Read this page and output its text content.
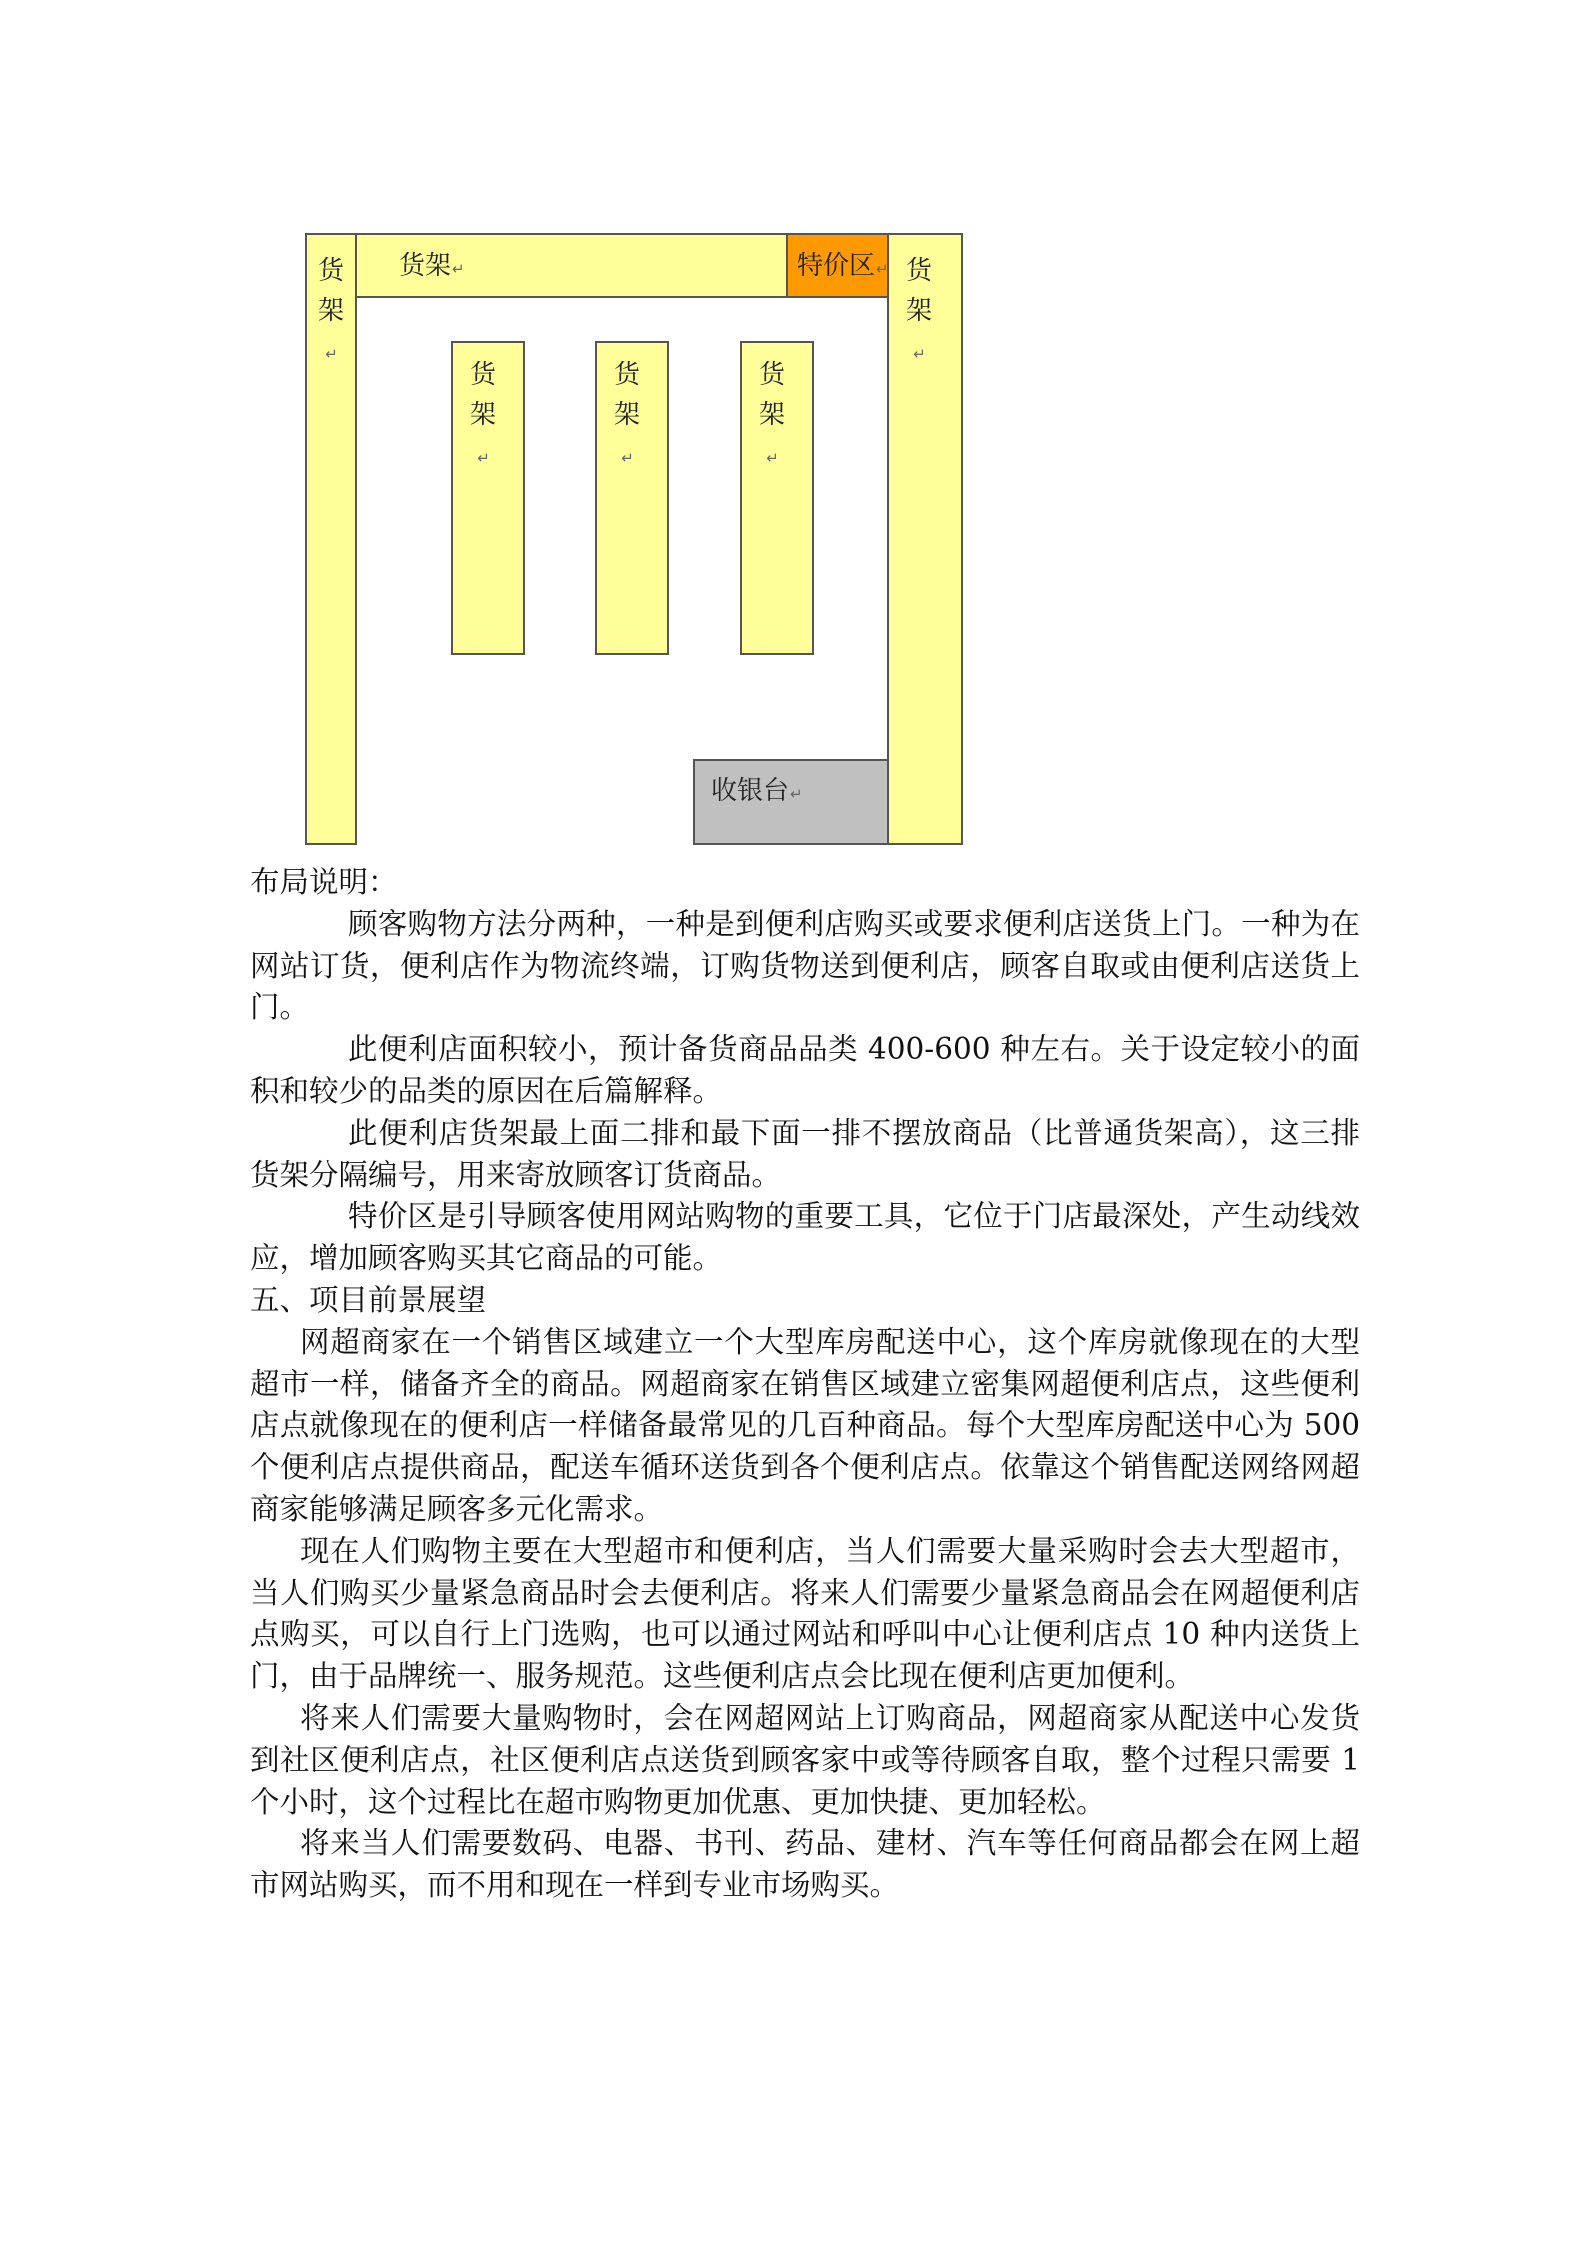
货架↵
货架↵	特价区↵ 货架↵
货架↵
货架↵
货架↵
收银台↵

布局说明：

顾客购物方法分两种，一种是到便利店购买或要求便利店送货上门。一种为在网站订货，便利店作为物流终端，订购货物送到便利店，顾客自取或由便利店送货上门。

此便利店面积较小，预计备货商品品类 400-600 种左右。关于设定较小的面积和较少的品类的原因在后篇解释。

此便利店货架最上面二排和最下面一排不摆放商品（比普通货架高），这三排货架分隔编号，用来寄放顾客订货商品。

特价区是引导顾客使用网站购物的重要工具，它位于门店最深处，产生动线效应，增加顾客购买其它商品的可能。

五、项目前景展望

网超商家在一个销售区域建立一个大型库房配送中心，这个库房就像现在的大型超市一样，储备齐全的商品。网超商家在销售区域建立密集网超便利店点，这些便利店点就像现在的便利店一样储备最常见的几百种商品。每个大型库房配送中心为 500 个便利店点提供商品，配送车循环送货到各个便利店点。依靠这个销售配送网络网超商家能够满足顾客多元化需求。

现在人们购物主要在大型超市和便利店，当人们需要大量采购时会去大型超市，当人们购买少量紧急商品时会去便利店。将来人们需要少量紧急商品会在网超便利店点购买，可以自行上门选购，也可以通过网站和呼叫中心让便利店点 10 种内送货上门，由于品牌统一、服务规范。这些便利店点会比现在便利店更加便利。

将来人们需要大量购物时，会在网超网站上订购商品，网超商家从配送中心发货到社区便利店点，社区便利店点送货到顾客家中或等待顾客自取，整个过程只需要 1 个小时，这个过程比在超市购物更加优惠、更加快捷、更加轻松。

将来当人们需要数码、电器、书刊、药品、建材、汽车等任何商品都会在网上超市网站购买，而不用和现在一样到专业市场购买。
